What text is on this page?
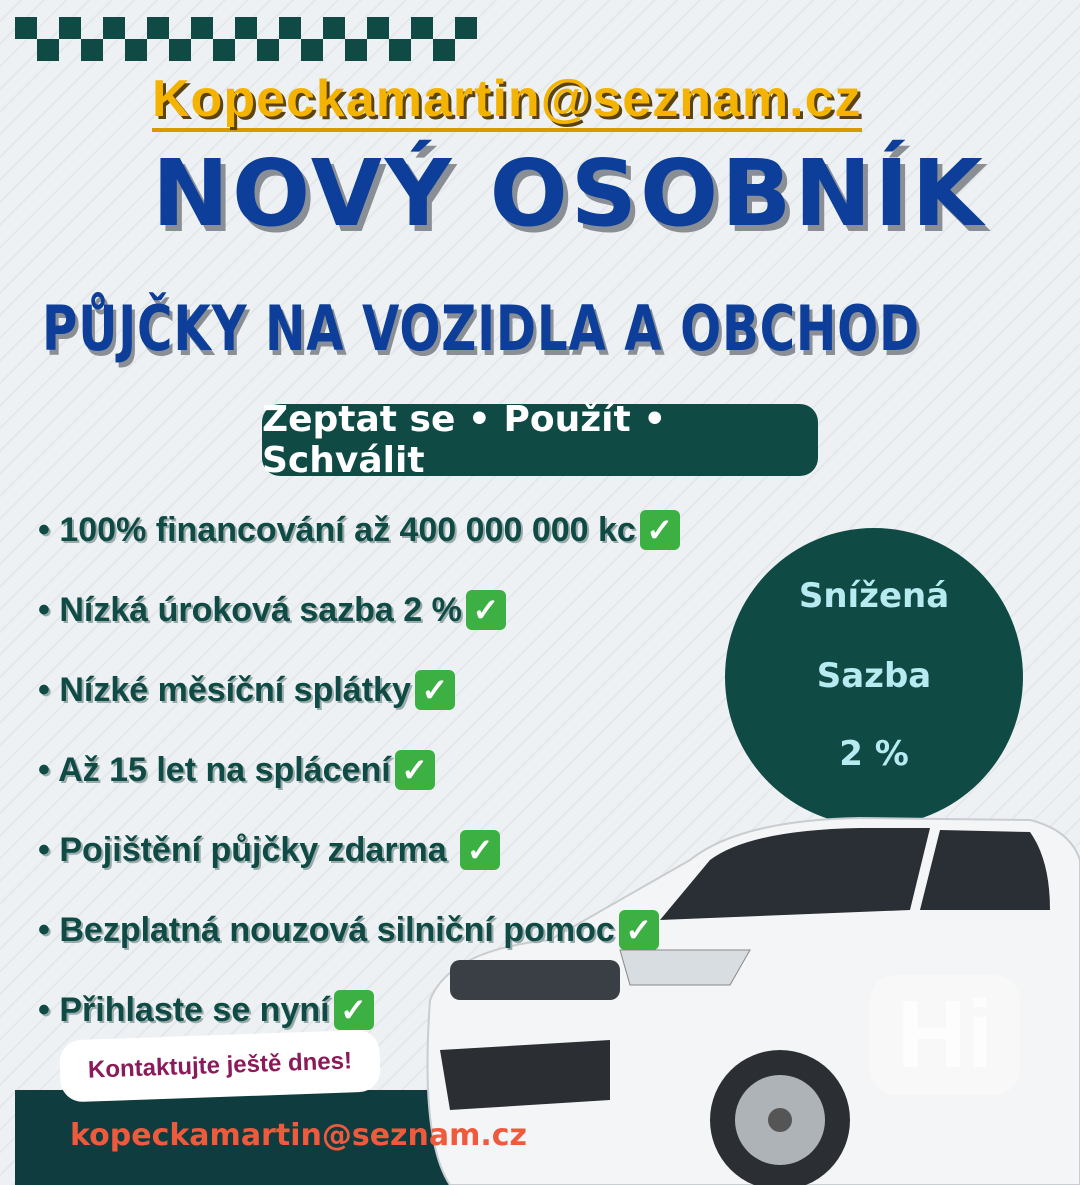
Kopeckamartin@seznam.cz
NOVÝ OSOBNÍK
PŮJČKY NA VOZIDLA A OBCHOD
Zeptat se • Použít • Schválit
Snížená
Sazba
2 %
• 100% financování až 400 000 000 kc ✓
• Nízká úroková sazba 2 % ✓
• Nízké měsíční splátky ✓
• Až 15 let na splácení ✓
• Pojištění půjčky zdarma ✓
• Bezplatná nouzová silniční pomoc ✓
• Přihlaste se nyní ✓	Hi
Kontaktujte ještě dnes!
kopeckamartin@seznam.cz
